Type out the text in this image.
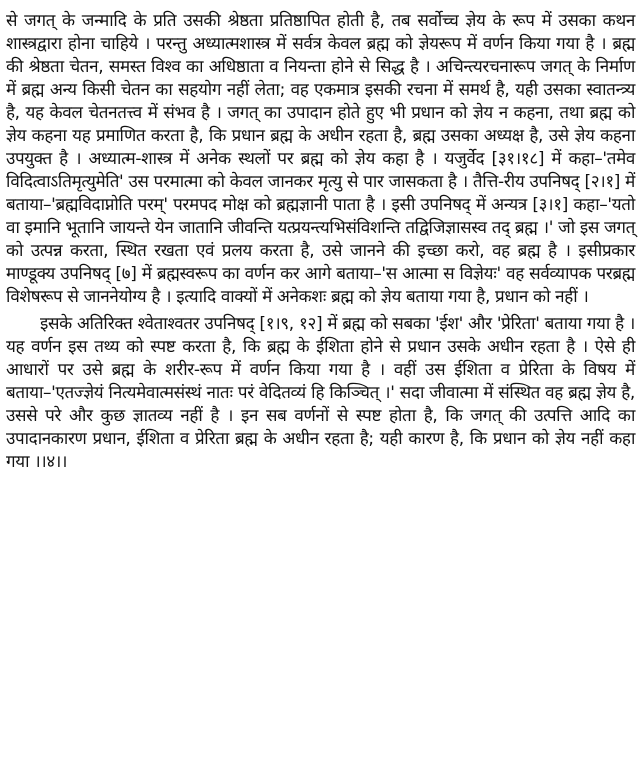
से जगत् के जन्मादि के प्रति उसकी श्रेष्ठता प्रतिष्ठापित होती है, तब सर्वोच्च ज्ञेय के रूप में उसका कथन शास्त्रद्वारा होना चाहिये । परन्तु अध्यात्मशास्त्र में सर्वत्र केवल ब्रह्म को ज्ञेयरूप में वर्णन किया गया है । ब्रह्म की श्रेष्ठता चेतन, समस्त विश्व का अधिष्ठाता व नियन्ता होने से सिद्ध है । अचिन्त्यरचनारूप जगत् के निर्माण में ब्रह्म अन्य किसी चेतन का सहयोग नहीं लेता; वह एकमात्र इसकी रचना में समर्थ है, यही उसका स्वातन्त्र्य है, यह केवल चेतनतत्त्व में संभव है । जगत् का उपादान होते हुए भी प्रधान को ज्ञेय न कहना, तथा ब्रह्म को ज्ञेय कहना यह प्रमाणित करता है, कि प्रधान ब्रह्म के अधीन रहता है, ब्रह्म उसका अध्यक्ष है, उसे ज्ञेय कहना उपयुक्त है । अध्यात्म-शास्त्र में अनेक स्थलों पर ब्रह्म को ज्ञेय कहा है । यजुर्वेद [३१।१८] में कहा–'तमेव विदित्वाऽतिमृत्युमेति' उस परमात्मा को केवल जानकर मृत्यु से पार जासकता है । तैत्ति-रीय उपनिषद् [२।१] में बताया–'ब्रह्मविदाप्नोति परम्' परमपद मोक्ष को ब्रह्मज्ञानी पाता है । इसी उपनिषद् में अन्यत्र [३।१] कहा–'यतो वा इमानि भूतानि जायन्ते येन जातानि जीवन्ति यत्प्रयन्त्यभिसंविशन्ति तद्विजिज्ञासस्व तद् ब्रह्म ।' जो इस जगत् को उत्पन्न करता, स्थित रखता एवं प्रलय करता है, उसे जानने की इच्छा करो, वह ब्रह्म है । इसीप्रकार माण्डूक्य उपनिषद् [७] में ब्रह्मस्वरूप का वर्णन कर आगे बताया–'स आत्मा स विज्ञेयः' वह सर्वव्यापक परब्रह्म विशेषरूप से जाननेयोग्य है । इत्यादि वाक्यों में अनेकशः ब्रह्म को ज्ञेय बताया गया है, प्रधान को नहीं ।

इसके अतिरिक्त श्वेताश्वतर उपनिषद् [१।९, १२] में ब्रह्म को सबका 'ईश' और 'प्रेरिता' बताया गया है । यह वर्णन इस तथ्य को स्पष्ट करता है, कि ब्रह्म के ईशिता होने से प्रधान उसके अधीन रहता है । ऐसे ही आधारों पर उसे ब्रह्म के शरीर-रूप में वर्णन किया गया है । वहीं उस ईशिता व प्रेरिता के विषय में बताया–'एतज्ज्ञेयं नित्यमेवात्मसंस्थं नातः परं वेदितव्यं हि किञ्चित् ।' सदा जीवात्मा में संस्थित वह ब्रह्म ज्ञेय है, उससे परे और कुछ ज्ञातव्य नहीं है । इन सब वर्णनों से स्पष्ट होता है, कि जगत् की उत्पत्ति आदि का उपादानकारण प्रधान, ईशिता व प्रेरिता ब्रह्म के अधीन रहता है; यही कारण है, कि प्रधान को ज्ञेय नहीं कहा गया ।।४।।
